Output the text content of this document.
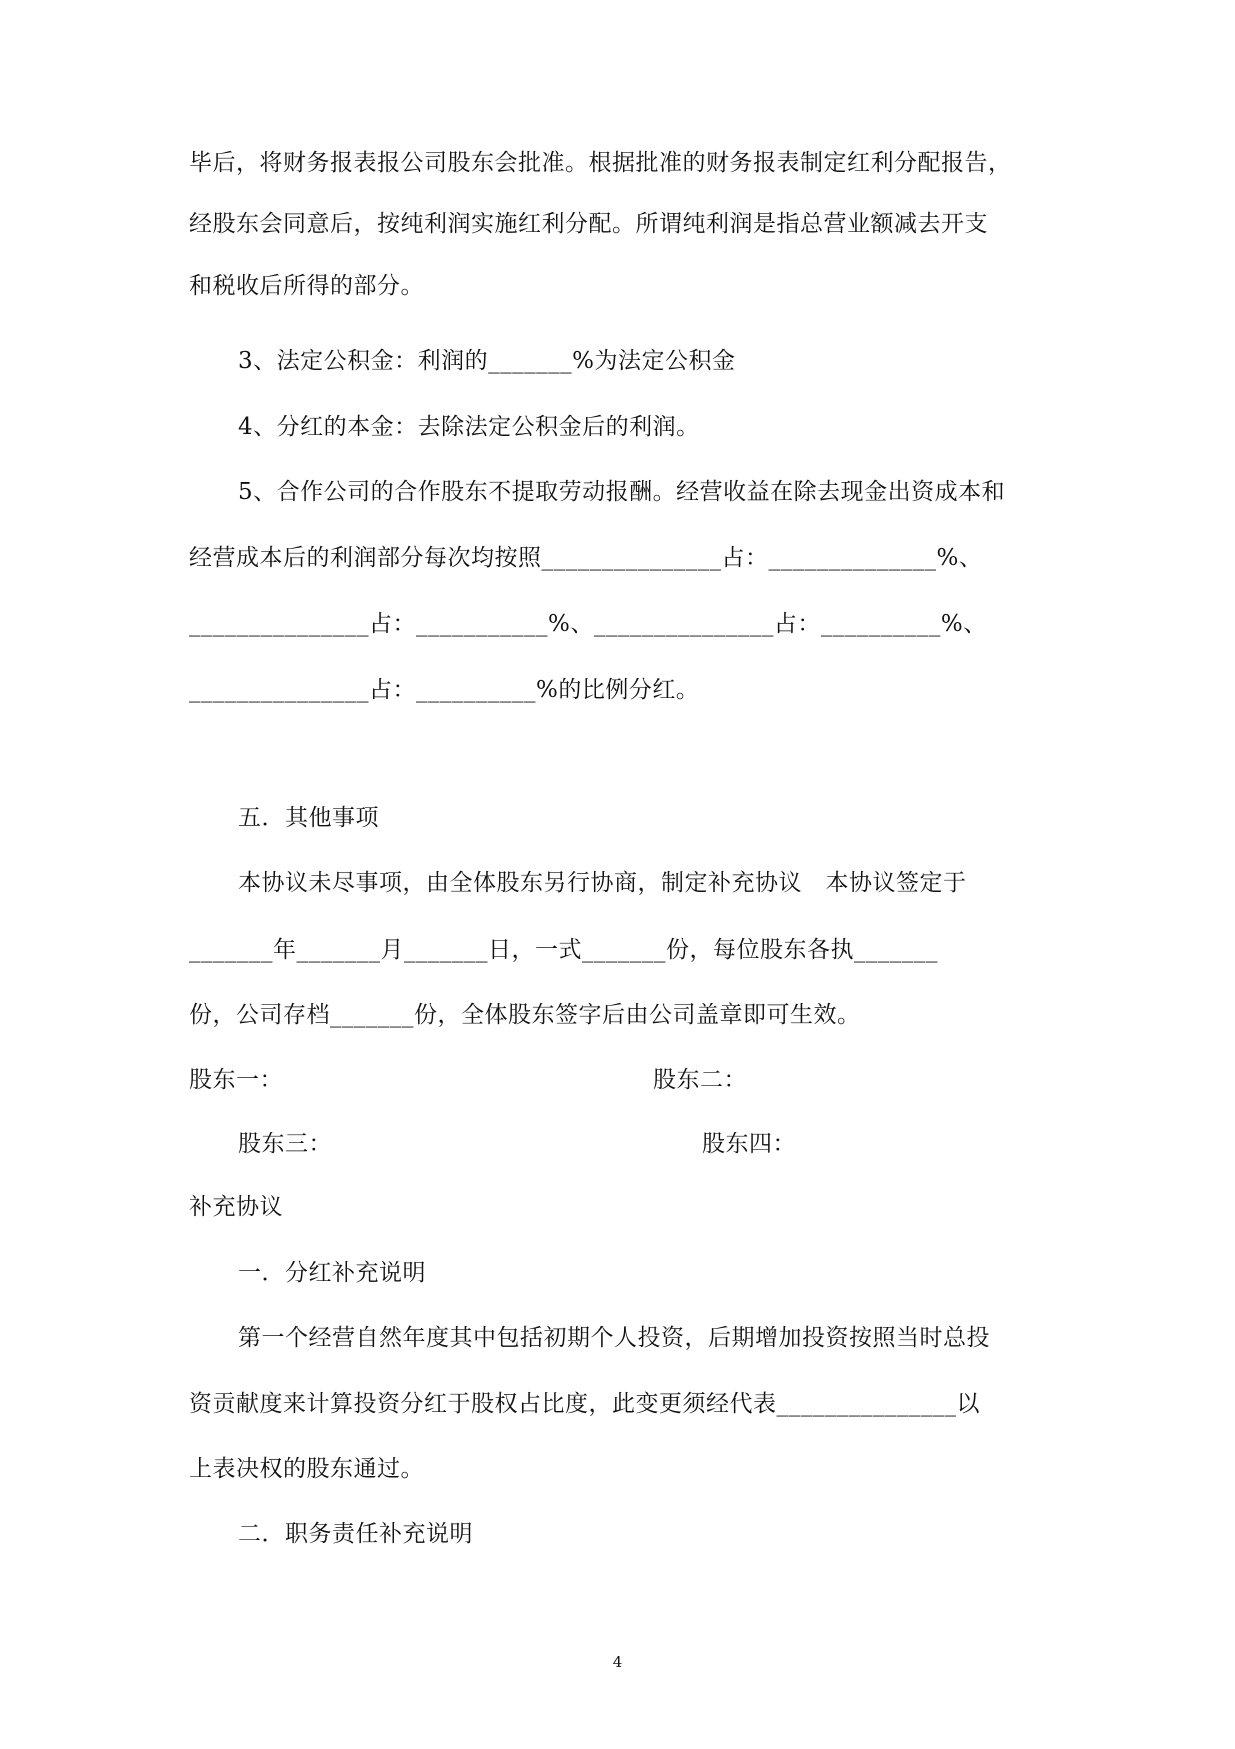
毕后，将财务报表报公司股东会批准。根据批准的财务报表制定红利分配报告，
经股东会同意后，按纯利润实施红利分配。所谓纯利润是指总营业额减去开支
和税收后所得的部分。
3、法定公积金：利润的_______%为法定公积金
4、分红的本金：去除法定公积金后的利润。
5、合作公司的合作股东不提取劳动报酬。经营收益在除去现金出资成本和
经营成本后的利润部分每次均按照_______________占：______________%、
_______________占：___________%、_______________占：__________%、
_______________占：__________%的比例分红。
五．其他事项
本协议未尽事项，由全体股东另行协商，制定补充协议　本协议签定于
_______年_______月_______日，一式_______份，每位股东各执_______
份，公司存档_______份，全体股东签字后由公司盖章即可生效。
股东一：	股东二：
股东三：	股东四：
补充协议
一．分红补充说明
第一个经营自然年度其中包括初期个人投资，后期增加投资按照当时总投
资贡献度来计算投资分红于股权占比度，此变更须经代表_______________以
上表决权的股东通过。
二．职务责任补充说明
4
